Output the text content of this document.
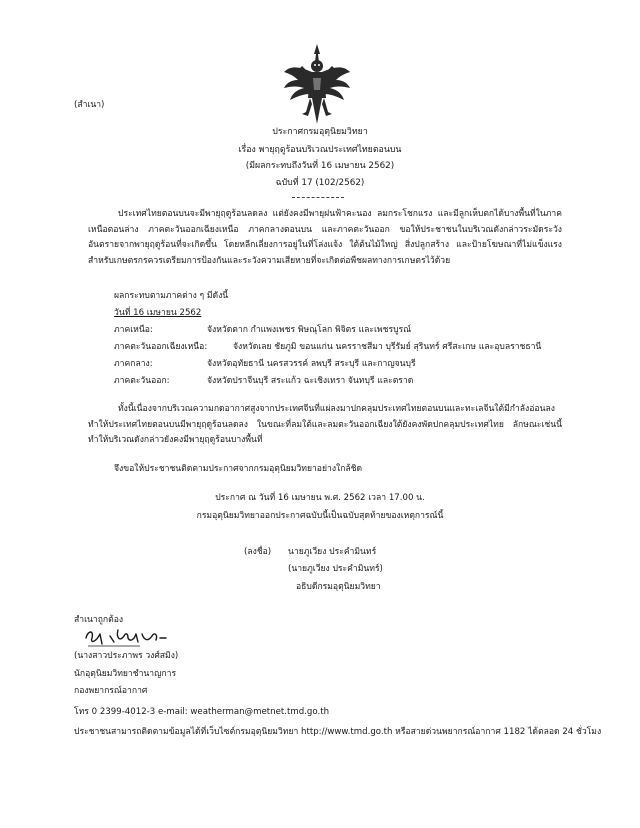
(สำเนา)
ประกาศกรมอุตุนิยมวิทยา
เรื่อง พายุฤดูร้อนบริเวณประเทศไทยตอนบน
(มีผลกระทบถึงวันที่ 16 เมษายน 2562)
ฉบับที่ 17 (102/2562)
ประเทศไทยตอนบนจะมีพายุฤดูร้อนลดลง แต่ยังคงมีพายุฝนฟ้าคะนอง ลมกระโชกแรง และมีลูกเห็บตกได้บางพื้นที่ในภาคเหนือตอนล่าง ภาคตะวันออกเฉียงเหนือ ภาคกลางตอนบน และภาคตะวันออก ขอให้ประชาชนในบริเวณดังกล่าวระมัดระวังอันตรายจากพายุฤดูร้อนที่จะเกิดขึ้น โดยหลีกเลี่ยงการอยู่ในที่โล่งแจ้ง ใต้ต้นไม้ใหญ่ สิ่งปลูกสร้าง และป้ายโฆษณาที่ไม่แข็งแรง สำหรับเกษตรกรควรเตรียมการป้องกันและระวังความเสียหายที่จะเกิดต่อพืชผลทางการเกษตรไว้ด้วย
ผลกระทบตามภาคต่าง ๆ มีดังนี้
วันที่ 16 เมษายน 2562
ภาคเหนือ:	จังหวัดตาก กำแพงเพชร พิษณุโลก พิจิตร และเพชรบูรณ์
ภาคตะวันออกเฉียงเหนือ:	จังหวัดเลย ชัยภูมิ ขอนแก่น นครราชสีมา บุรีรัมย์ สุรินทร์ ศรีสะเกษ และอุบลราชธานี
ภาคกลาง:	จังหวัดอุทัยธานี นครสวรรค์ ลพบุรี สระบุรี และกาญจนบุรี
ภาคตะวันออก:	จังหวัดปราจีนบุรี สระแก้ว ฉะเชิงเทรา จันทบุรี และตราด
ทั้งนี้เนื่องจากบริเวณความกดอากาศสูงจากประเทศจีนที่แผ่ลงมาปกคลุมประเทศไทยตอนบนและทะเลจีนใต้มีกำลังอ่อนลง ทำให้ประเทศไทยตอนบนมีพายุฤดูร้อนลดลง ในขณะที่ลมใต้และลมตะวันออกเฉียงใต้ยังคงพัดปกคลุมประเทศไทย ลักษณะเช่นนี้ทำให้บริเวณดังกล่าวยังคงมีพายุฤดูร้อนบางพื้นที่
จึงขอให้ประชาชนติดตามประกาศจากกรมอุตุนิยมวิทยาอย่างใกล้ชิด
ประกาศ ณ วันที่ 16 เมษายน พ.ศ. 2562 เวลา 17.00 น.
กรมอุตุนิยมวิทยาออกประกาศฉบับนี้เป็นฉบับสุดท้ายของเหตุการณ์นี้
(ลงชื่อ) นายภูเวียง ประคำมินทร์
(นายภูเวียง ประคำมินทร์)
อธิบดีกรมอุตุนิยมวิทยา
สำเนาถูกต้อง
(นางสาวประภาพร วงศ์สมิง)
นักอุตุนิยมวิทยาชำนาญการ
กองพยากรณ์อากาศ
โทร 0 2399-4012-3 e-mail: weatherman@metnet.tmd.go.th
ประชาชนสามารถติดตามข้อมูลได้ที่เว็บไซต์กรมอุตุนิยมวิทยา http://www.tmd.go.th หรือสายด่วนพยากรณ์อากาศ 1182 ได้ตลอด 24 ชั่วโมง
